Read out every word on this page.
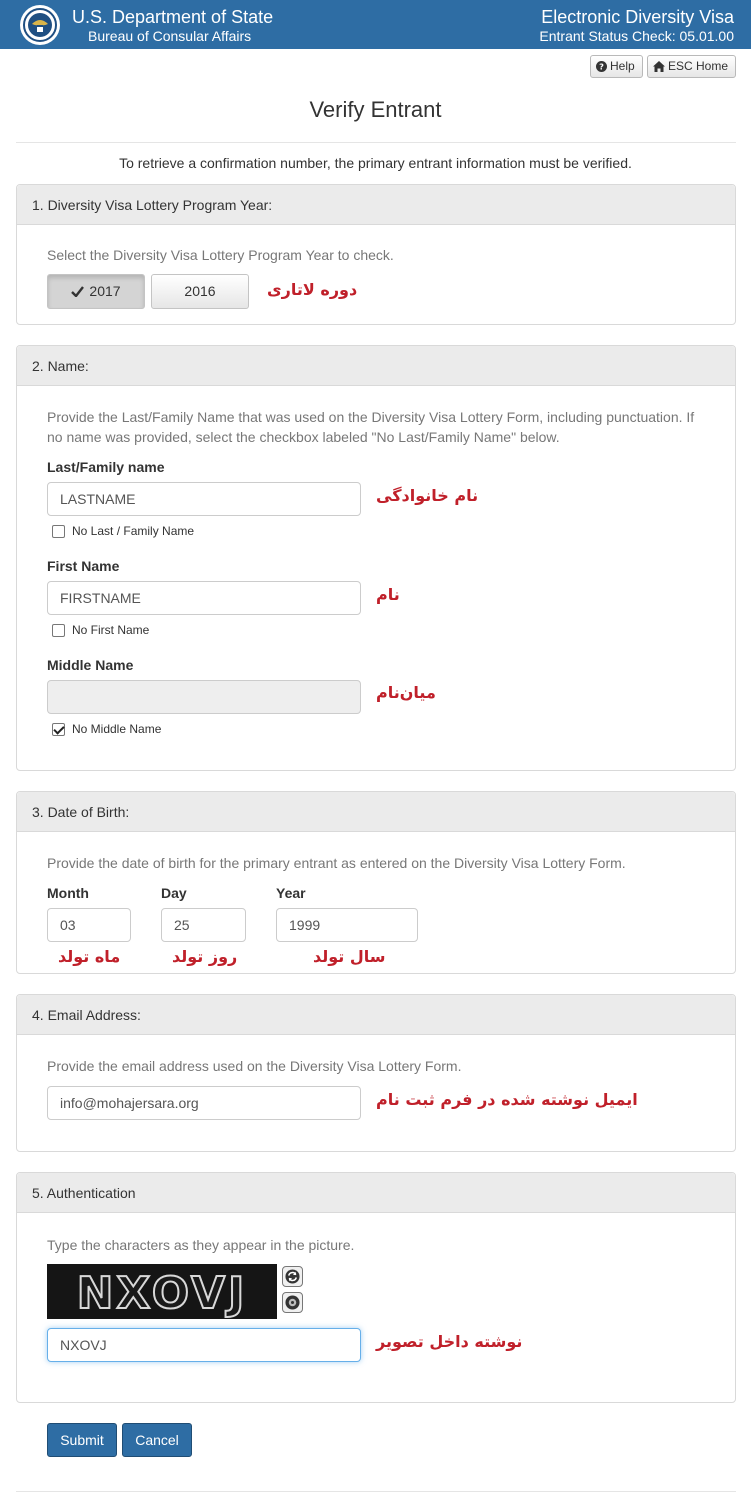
U.S. Department of State
Bureau of Consular Affairs
Electronic Diversity Visa
Entrant Status Check: 05.01.00
? Help	ESC Home
Verify Entrant
To retrieve a confirmation number, the primary entrant information must be verified.
1. Diversity Visa Lottery Program Year:
Select the Diversity Visa Lottery Program Year to check.
2017	2016	دوره لاتاری
2. Name:
Provide the Last/Family Name that was used on the Diversity Visa Lottery Form, including punctuation. If
no name was provided, select the checkbox labeled "No Last/Family Name" below.
Last/Family name
LASTNAME	نام خانوادگی
No Last / Family Name
First Name
FIRSTNAME	نام
No First Name
Middle Name
میان‌نام
No Middle Name
3. Date of Birth:
Provide the date of birth for the primary entrant as entered on the Diversity Visa Lottery Form.
Month	Day	Year
03	25	1999
ماه تولد	روز تولد	سال تولد
4. Email Address:
Provide the email address used on the Diversity Visa Lottery Form.
info@mohajersara.org	ایمیل نوشته شده در فرم ثبت نام
5. Authentication
Type the characters as they appear in the picture.
NXOVJ
NXOVJ	نوشته داخل تصویر
Submit	Cancel
